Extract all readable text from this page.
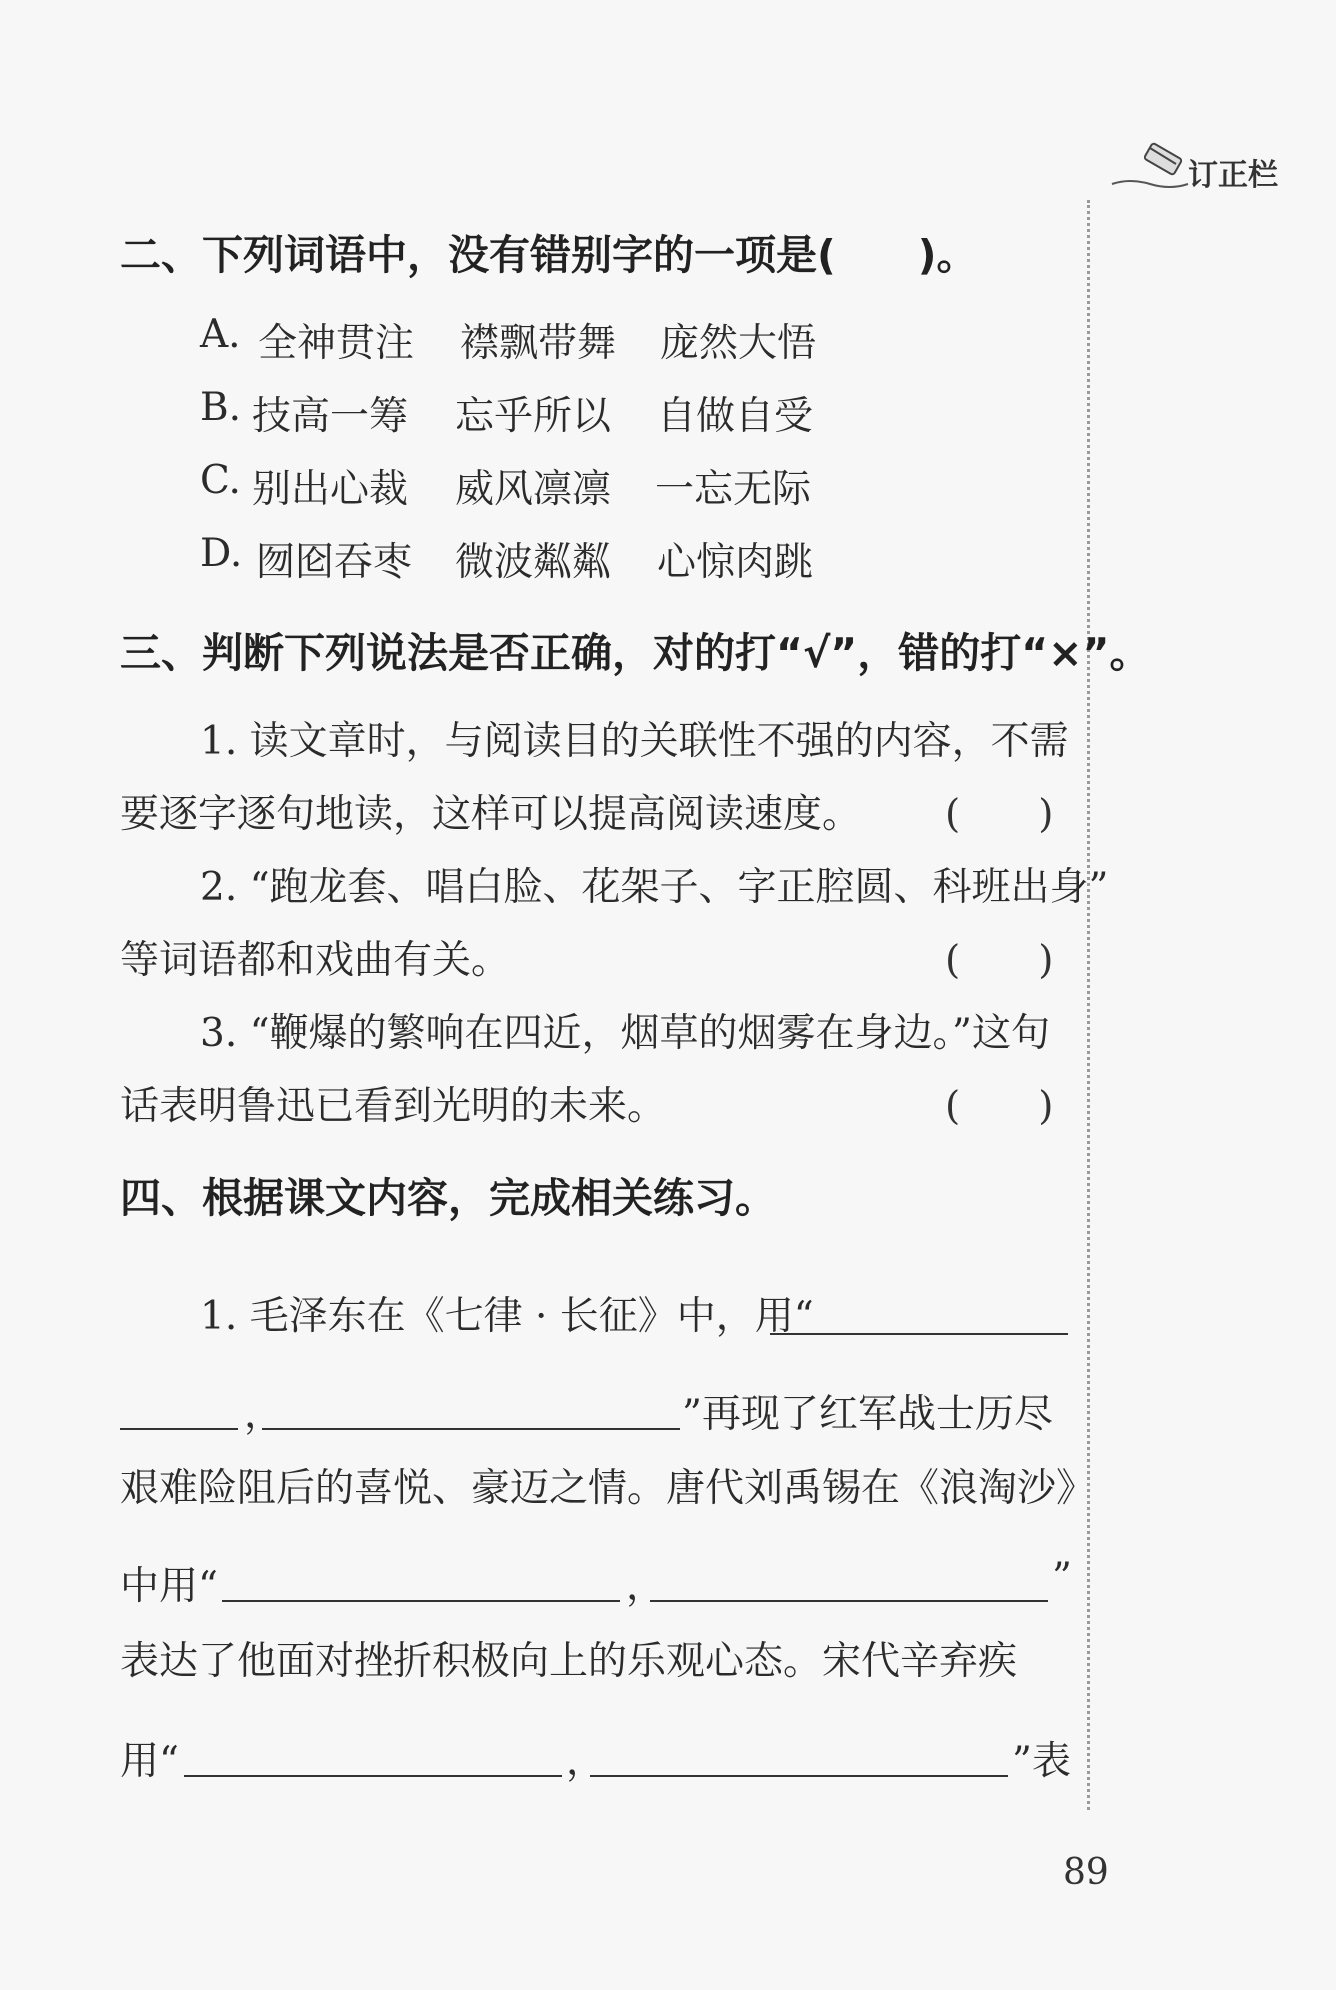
订正栏
二、下列词语中，没有错别字的一项是(　　)。
A. 全神贯注 襟飘带舞 庞然大悟
B. 技高一筹 忘乎所以 自做自受
C. 别出心裁 威风凛凛 一忘无际
D. 囫囵吞枣 微波粼粼 心惊肉跳
三、判断下列说法是否正确，对的打“√”，错的打“×”。
1. 读文章时，与阅读目的关联性不强的内容，不需
要逐字逐句地读，这样可以提高阅读速度。 (　　)
2. “跑龙套、唱白脸、花架子、字正腔圆、科班出身”
等词语都和戏曲有关。	(　　)
3. “鞭爆的繁响在四近，烟草的烟雾在身边。”这句
话表明鲁迅已看到光明的未来。	(　　)
四、根据课文内容，完成相关练习。
1. 毛泽东在《七律 · 长征》中，用“
，	”再现了红军战士历尽
艰难险阻后的喜悦、豪迈之情。唐代刘禹锡在《浪淘沙》
中用“	，	”
表达了他面对挫折积极向上的乐观心态。宋代辛弃疾
用“	，	”表
89
